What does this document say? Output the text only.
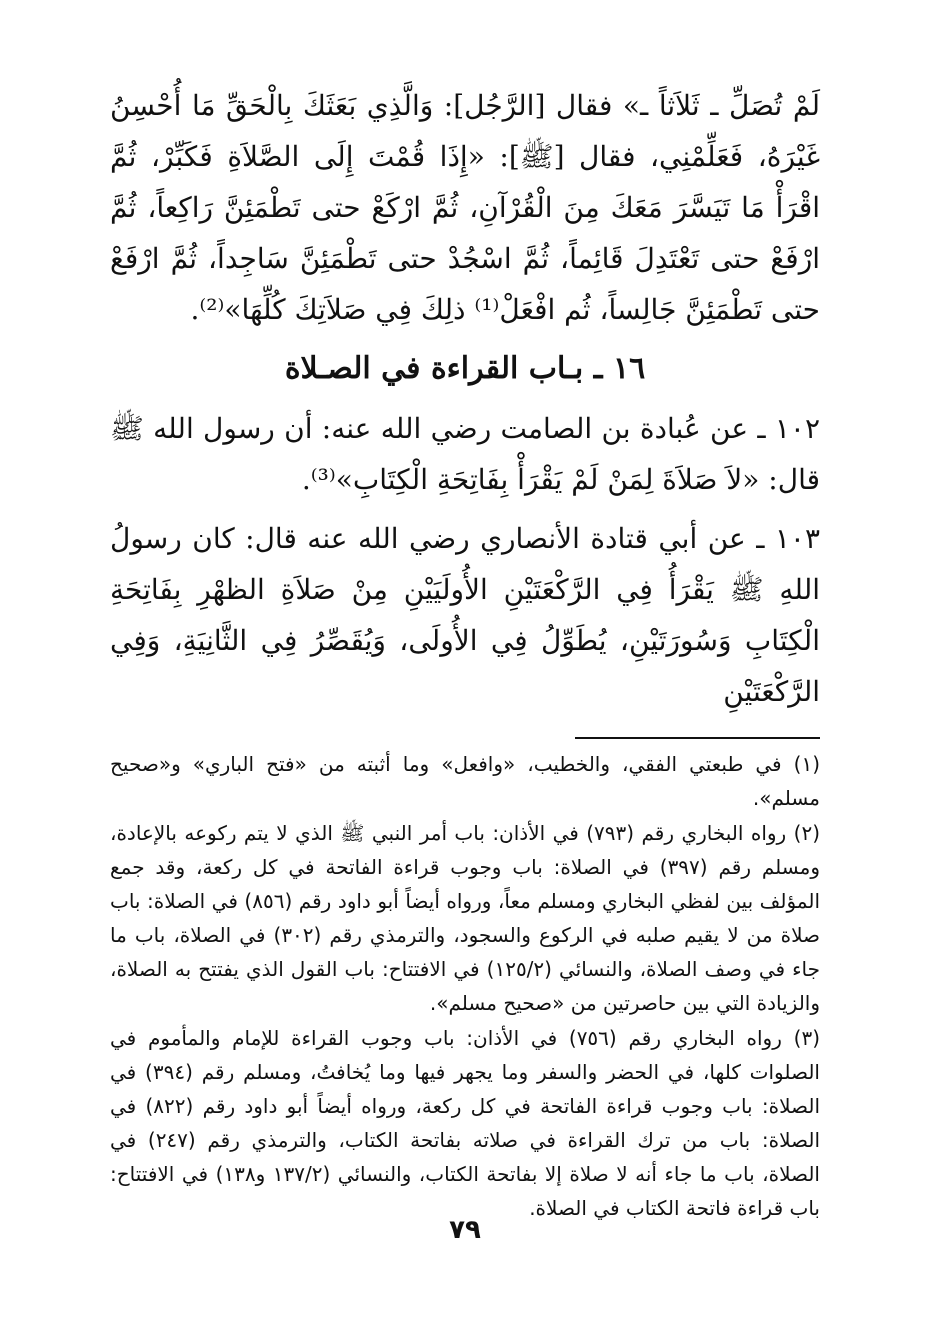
لَمْ تُصَلِّ ـ ثَلاَثاً ـ» فقال [الرَّجُل]: وَالَّذِي بَعَثَكَ بِالْحَقِّ مَا أُحْسِنُ غَيْرَهُ، فَعَلِّمْنِي، فقال [ﷺ]: «إِذَا قُمْتَ إِلَى الصَّلاَةِ فَكَبِّرْ، ثُمَّ اقْرَأْ مَا تَيَسَّرَ مَعَكَ مِنَ الْقُرْآنِ، ثُمَّ ارْكَعْ حتى تَطْمَئِنَّ رَاكِعاً، ثُمَّ ارْفَعْ حتى تَعْتَدِلَ قَائِماً، ثُمَّ اسْجُدْ حتى تَطْمَئِنَّ سَاجِداً، ثُمَّ ارْفَعْ حتى تَطْمَئِنَّ جَالِساً، ثُم افْعَلْ⁽¹⁾ ذلِكَ فِي صَلاَتِكَ كُلِّهَا»⁽²⁾.

١٦ ـ بـاب القراءة في الصـلاة

١٠٢ ـ عن عُبادة بن الصامت رضي الله عنه: أن رسول الله ﷺ قال: «لاَ صَلاَةَ لِمَنْ لَمْ يَقْرَأْ بِفَاتِحَةِ الْكِتَابِ»⁽³⁾.

١٠٣ ـ عن أبي قتادة الأنصاري رضي الله عنه قال: كان رسولُ اللهِ ﷺ يَقْرَأُ فِي الرَّكْعَتَيْنِ الأُولَيَيْنِ مِنْ صَلاَةِ الظهْرِ بِفَاتِحَةِ الْكِتَابِ وَسُورَتَيْنِ، يُطَوِّلُ فِي الأُولَى، وَيُقَصِّرُ فِي الثَّانِيَةِ، وَفِي الرَّكْعَتَيْنِ

(١) في طبعتي الفقي، والخطيب، «وافعل» وما أثبته من «فتح الباري» و«صحيح مسلم».

(٢) رواه البخاري رقم (٧٩٣) في الأذان: باب أمر النبي ﷺ الذي لا يتم ركوعه بالإعادة، ومسلم رقم (٣٩٧) في الصلاة: باب وجوب قراءة الفاتحة في كل ركعة، وقد جمع المؤلف بين لفظي البخاري ومسلم معاً، ورواه أيضاً أبو داود رقم (٨٥٦) في الصلاة: باب صلاة من لا يقيم صلبه في الركوع والسجود، والترمذي رقم (٣٠٢) في الصلاة، باب ما جاء في وصف الصلاة، والنسائي (١٢٥/٢) في الافتتاح: باب القول الذي يفتتح به الصلاة، والزيادة التي بين حاصرتين من «صحيح مسلم».

(٣) رواه البخاري رقم (٧٥٦) في الأذان: باب وجوب القراءة للإمام والمأموم في الصلوات كلها، في الحضر والسفر وما يجهر فيها وما يُخافتُ، ومسلم رقم (٣٩٤) في الصلاة: باب وجوب قراءة الفاتحة في كل ركعة، ورواه أيضاً أبو داود رقم (٨٢٢) في الصلاة: باب من ترك القراءة في صلاته بفاتحة الكتاب، والترمذي رقم (٢٤٧) في الصلاة، باب ما جاء أنه لا صلاة إلا بفاتحة الكتاب، والنسائي (١٣٧/٢ و١٣٨) في الافتتاح: باب قراءة فاتحة الكتاب في الصلاة.

٧٩
